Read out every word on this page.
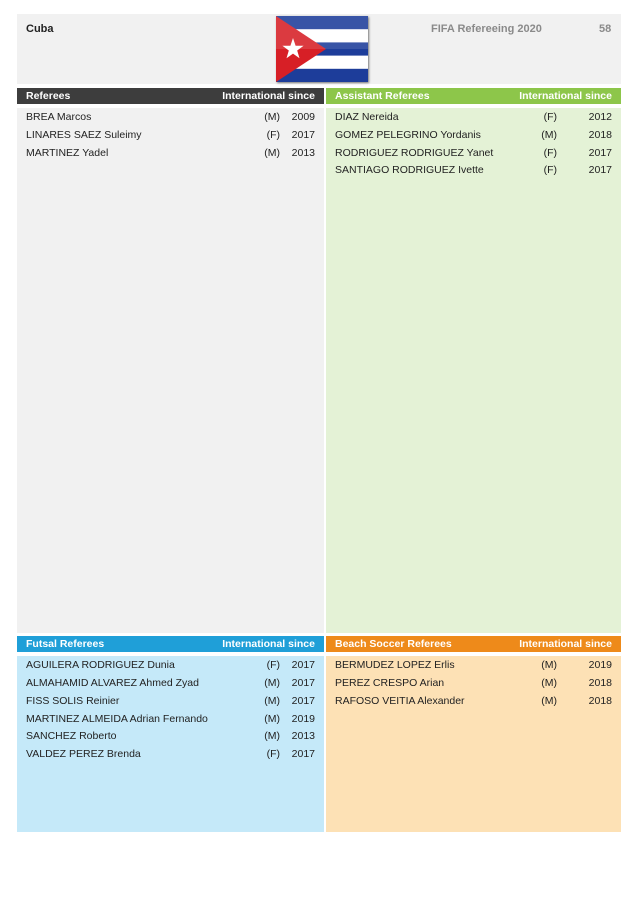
Cuba	FIFA Refereeing 2020	58
Referees	International since
BREA Marcos	(M) 2009
LINARES SAEZ Suleimy	(F) 2017
MARTINEZ Yadel	(M) 2013
Assistant Referees	International since
DIAZ Nereida	(F)	2012
GOMEZ PELEGRINO Yordanis	(M)	2018
RODRIGUEZ RODRIGUEZ Yanet	(F)	2017
SANTIAGO RODRIGUEZ Ivette	(F)	2017
Futsal Referees	International since
AGUILERA RODRIGUEZ Dunia	(F) 2017
ALMAHAMID ALVAREZ Ahmed Zyad	(M) 2017
FISS SOLIS Reinier	(M) 2017
MARTINEZ ALMEIDA Adrian Fernando	(M) 2019
SANCHEZ Roberto	(M) 2013
VALDEZ PEREZ Brenda	(F) 2017
Beach Soccer Referees	International since
BERMUDEZ LOPEZ Erlis	(M)	2019
PEREZ CRESPO Arian	(M)	2018
RAFOSO VEITIA Alexander	(M)	2018
